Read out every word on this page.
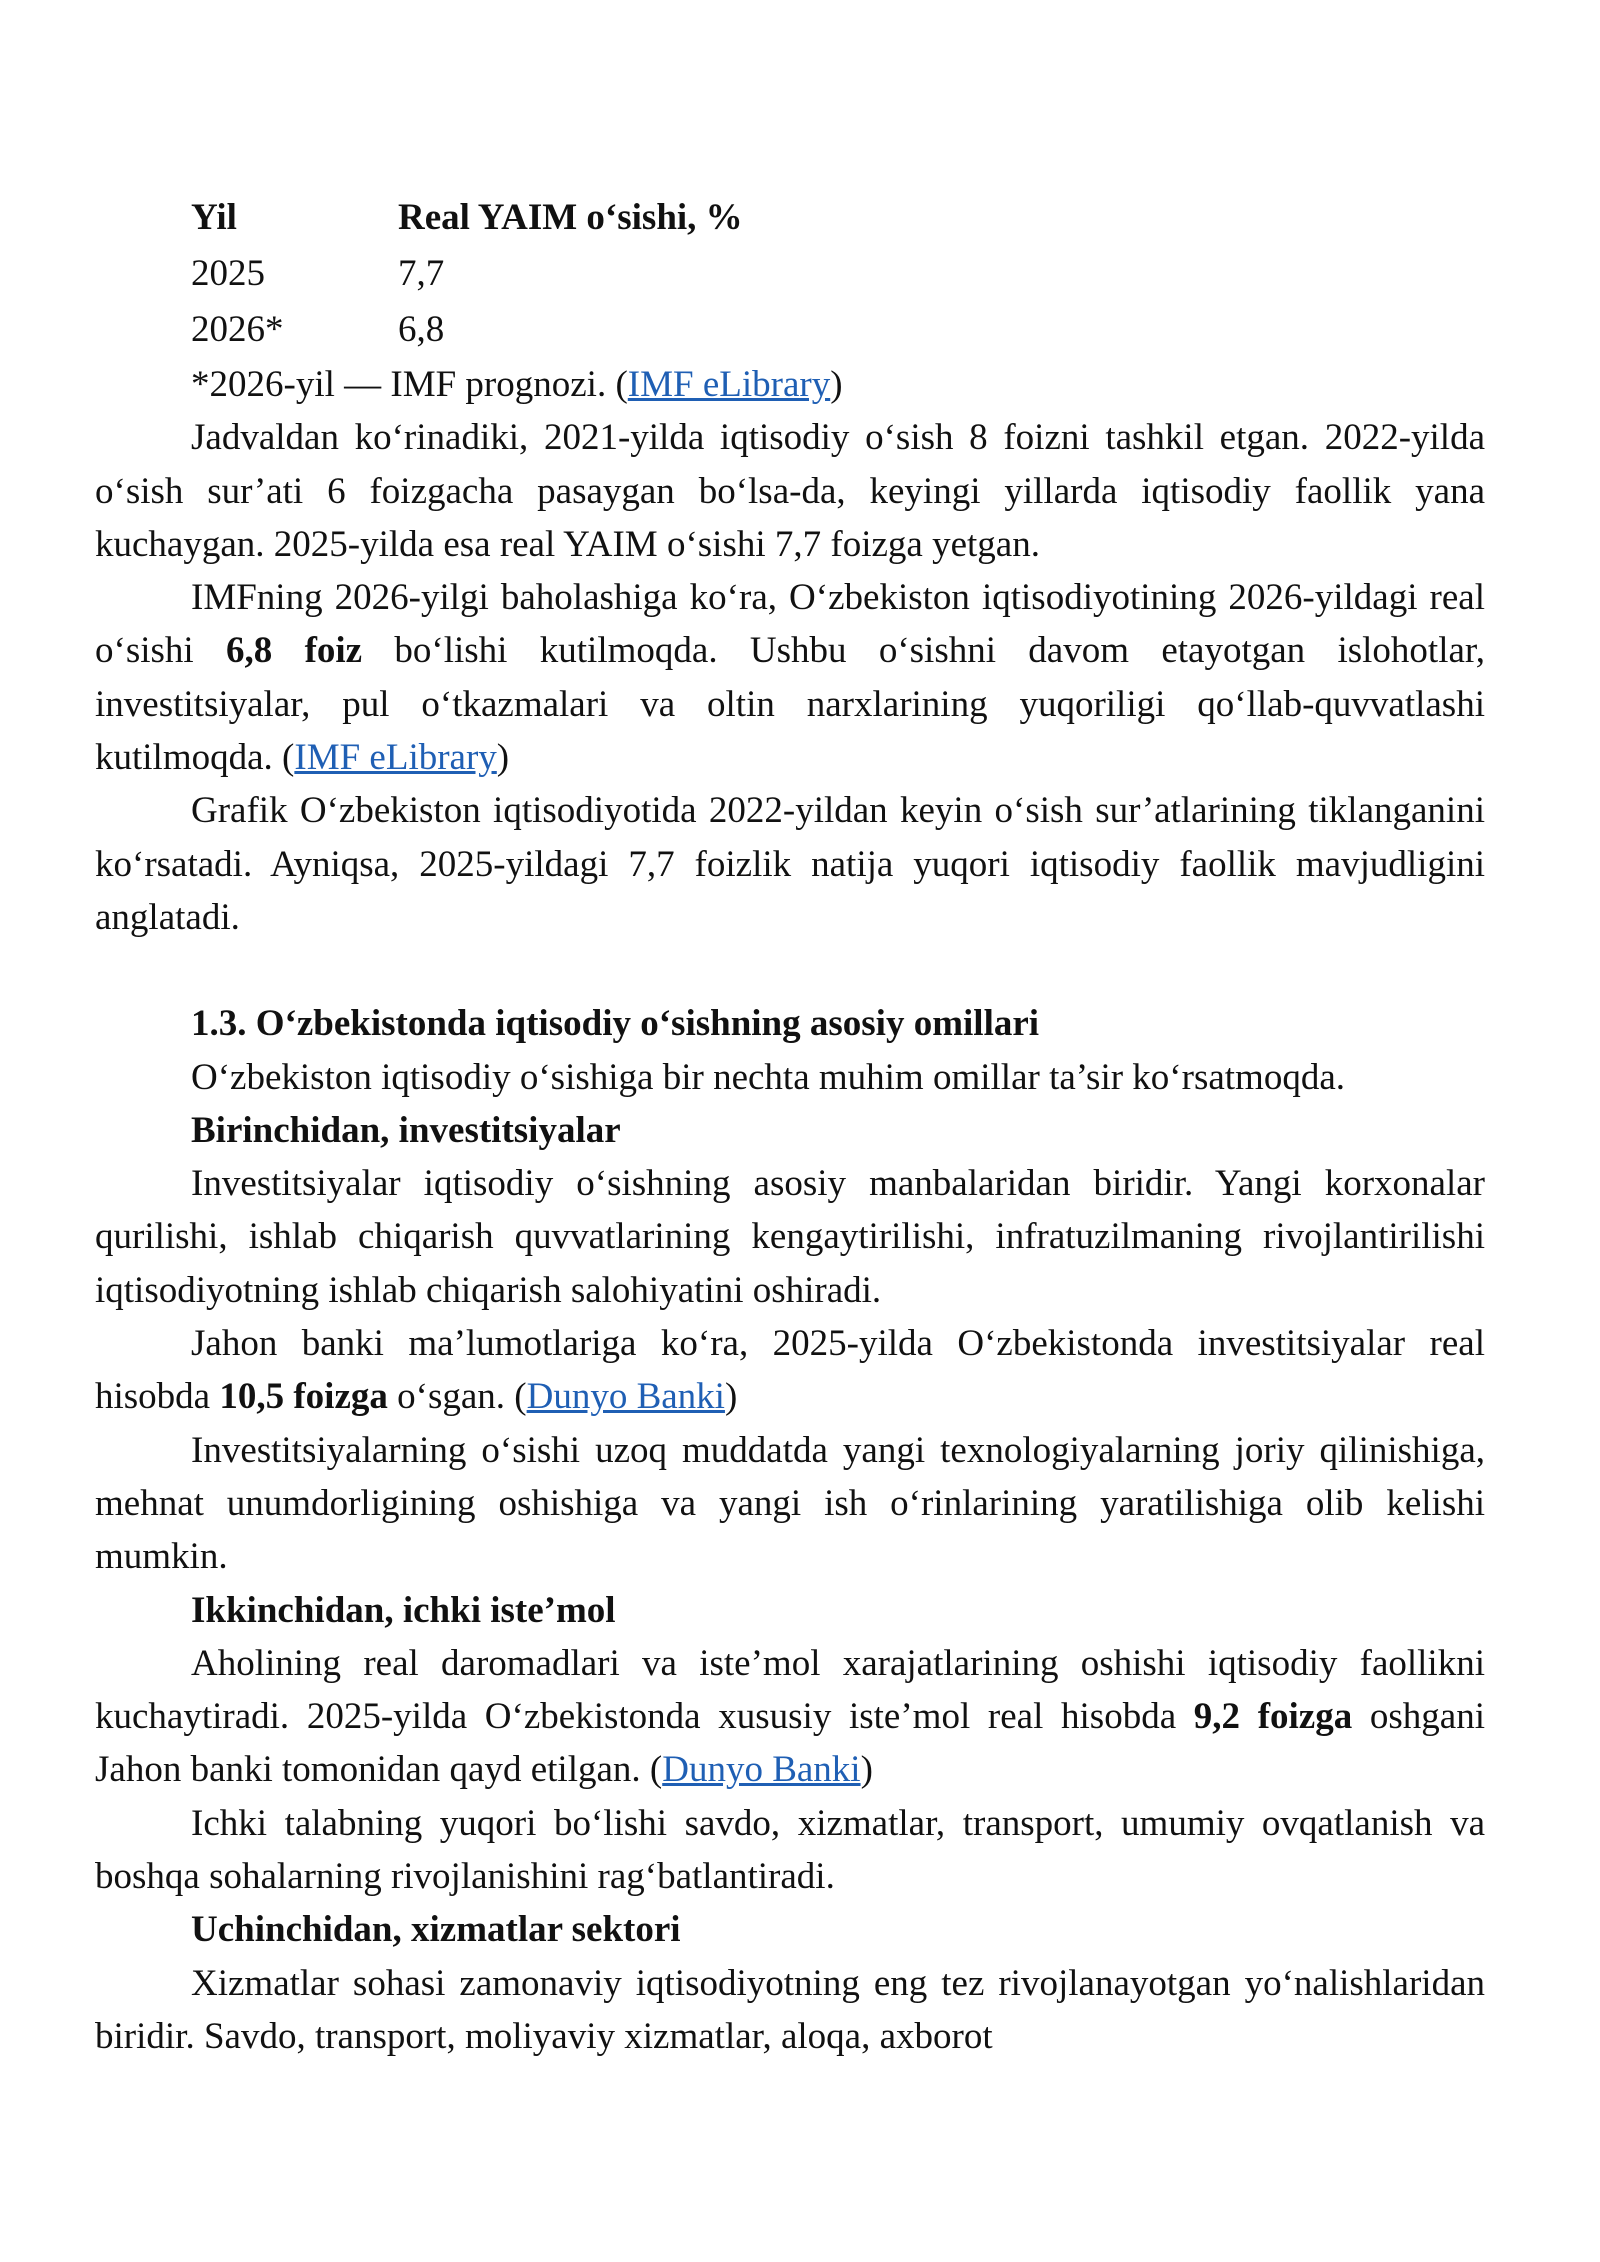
Yil	Real YAIM o‘sishi, %
2025	7,7
2026*	6,8

*2026-yil — IMF prognozi. (IMF eLibrary)

Jadvaldan ko‘rinadiki, 2021-yilda iqtisodiy o‘sish 8 foizni tashkil etgan. 2022-yilda o‘sish sur’ati 6 foizgacha pasaygan bo‘lsa-da, keyingi yillarda iqtisodiy faollik yana kuchaygan. 2025-yilda esa real YAIM o‘sishi 7,7 foizga yetgan.

IMFning 2026-yilgi baholashiga ko‘ra, O‘zbekiston iqtisodiyotining 2026-yildagi real o‘sishi 6,8 foiz bo‘lishi kutilmoqda. Ushbu o‘sishni davom etayotgan islohotlar, investitsiyalar, pul o‘tkazmalari va oltin narxlarining yuqoriligi qo‘llab-quvvatlashi kutilmoqda. (IMF eLibrary)

Grafik O‘zbekiston iqtisodiyotida 2022-yildan keyin o‘sish sur’atlarining tiklanganini ko‘rsatadi. Ayniqsa, 2025-yildagi 7,7 foizlik natija yuqori iqtisodiy faollik mavjudligini anglatadi.

1.3. O‘zbekistonda iqtisodiy o‘sishning asosiy omillari

O‘zbekiston iqtisodiy o‘sishiga bir nechta muhim omillar ta’sir ko‘rsatmoqda.

Birinchidan, investitsiyalar

Investitsiyalar iqtisodiy o‘sishning asosiy manbalaridan biridir. Yangi korxonalar qurilishi, ishlab chiqarish quvvatlarining kengaytirilishi, infratuzilmaning rivojlantirilishi iqtisodiyotning ishlab chiqarish salohiyatini oshiradi.

Jahon banki ma’lumotlariga ko‘ra, 2025-yilda O‘zbekistonda investitsiyalar real hisobda 10,5 foizga o‘sgan. (Dunyo Banki)

Investitsiyalarning o‘sishi uzoq muddatda yangi texnologiyalarning joriy qilinishiga, mehnat unumdorligining oshishiga va yangi ish o‘rinlarining yaratilishiga olib kelishi mumkin.

Ikkinchidan, ichki iste’mol

Aholining real daromadlari va iste’mol xarajatlarining oshishi iqtisodiy faollikni kuchaytiradi. 2025-yilda O‘zbekistonda xususiy iste’mol real hisobda 9,2 foizga oshgani Jahon banki tomonidan qayd etilgan. (Dunyo Banki)

Ichki talabning yuqori bo‘lishi savdo, xizmatlar, transport, umumiy ovqatlanish va boshqa sohalarning rivojlanishini rag‘batlantiradi.

Uchinchidan, xizmatlar sektori

Xizmatlar sohasi zamonaviy iqtisodiyotning eng tez rivojlanayotgan yo‘nalishlaridan biridir. Savdo, transport, moliyaviy xizmatlar, aloqa, axborot
